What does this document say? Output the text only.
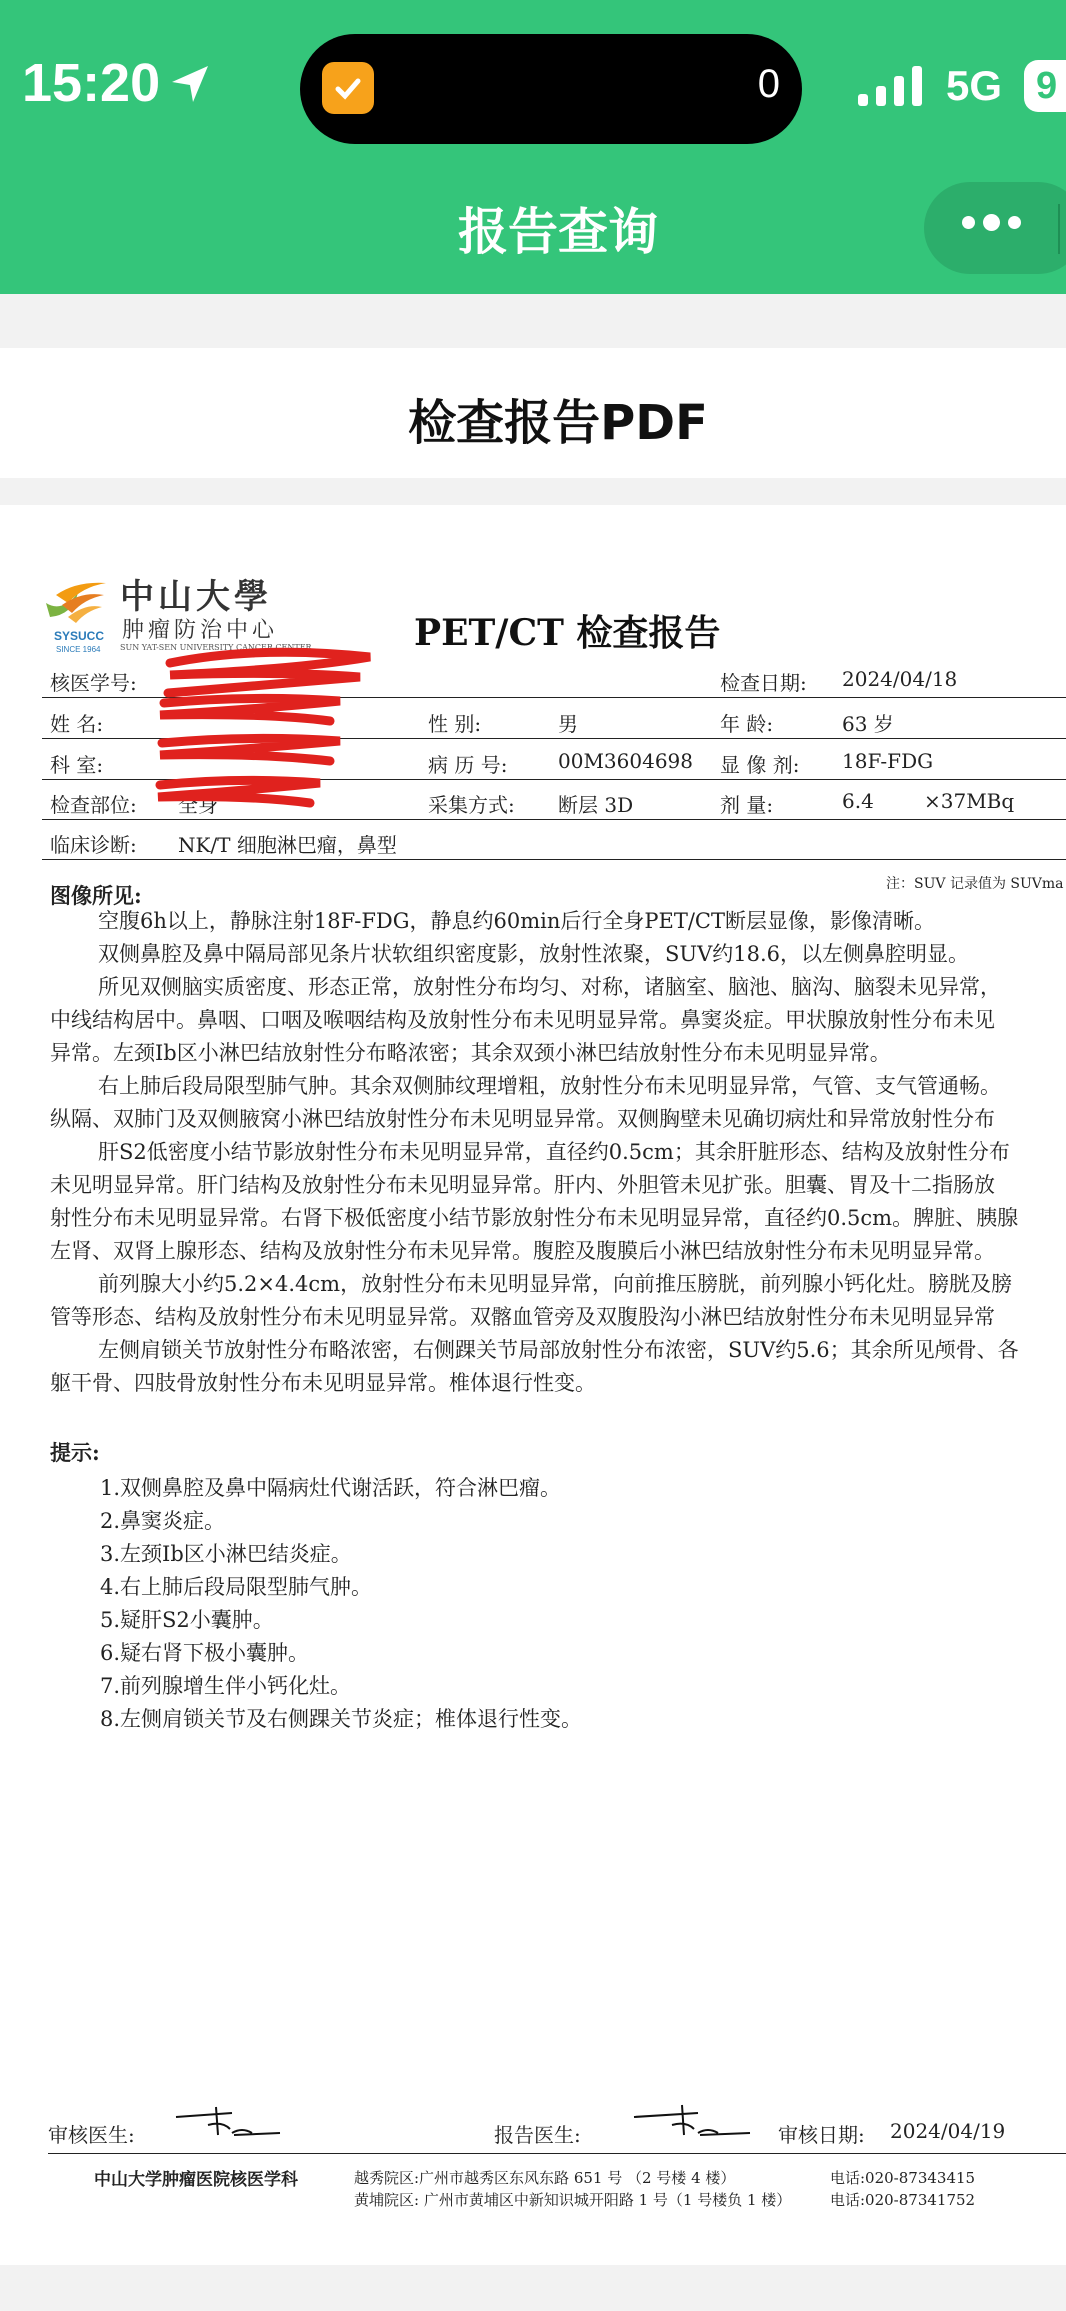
15:20	0	5G 9
报告查询
检查报告PDF
SYSUCC
SINCE 1964
中山大學
肿瘤防治中心
SUN YAT-SEN UNIVERSITY CANCER CENTER	PET/CT 检查报告
核医学号:	检查日期: 2024/04/18
姓 名:	性 别:	男	年 龄:	63 岁
科 室:	病 历 号:	00M3604698 显 像 剂: 18F-FDG
检查部位: 全身	采集方式: 断层 3D	剂 量:	6.4	×37MBq
临床诊断: NK/T 细胞淋巴瘤，鼻型
图像所见:	注：SUV 记录值为 SUVma
空腹6h以上，静脉注射18F-FDG，静息约60min后行全身PET/CT断层显像，影像清晰。
双侧鼻腔及鼻中隔局部见条片状软组织密度影，放射性浓聚，SUV约18.6，以左侧鼻腔明显。
所见双侧脑实质密度、形态正常，放射性分布均匀、对称，诸脑室、脑池、脑沟、脑裂未见异常，
中线结构居中。鼻咽、口咽及喉咽结构及放射性分布未见明显异常。鼻窦炎症。甲状腺放射性分布未见
异常。左颈Ib区小淋巴结放射性分布略浓密；其余双颈小淋巴结放射性分布未见明显异常。
右上肺后段局限型肺气肿。其余双侧肺纹理增粗，放射性分布未见明显异常，气管、支气管通畅。
纵隔、双肺门及双侧腋窝小淋巴结放射性分布未见明显异常。双侧胸壁未见确切病灶和异常放射性分布
肝S2低密度小结节影放射性分布未见明显异常，直径约0.5cm；其余肝脏形态、结构及放射性分布
未见明显异常。肝门结构及放射性分布未见明显异常。肝内、外胆管未见扩张。胆囊、胃及十二指肠放
射性分布未见明显异常。右肾下极低密度小结节影放射性分布未见明显异常，直径约0.5cm。脾脏、胰腺
左肾、双肾上腺形态、结构及放射性分布未见异常。腹腔及腹膜后小淋巴结放射性分布未见明显异常。
前列腺大小约5.2×4.4cm，放射性分布未见明显异常，向前推压膀胱，前列腺小钙化灶。膀胱及膀
管等形态、结构及放射性分布未见明显异常。双髂血管旁及双腹股沟小淋巴结放射性分布未见明显异常
左侧肩锁关节放射性分布略浓密，右侧踝关节局部放射性分布浓密，SUV约5.6；其余所见颅骨、各
躯干骨、四肢骨放射性分布未见明显异常。椎体退行性变。
提示:
1.双侧鼻腔及鼻中隔病灶代谢活跃，符合淋巴瘤。
2.鼻窦炎症。
3.左颈Ib区小淋巴结炎症。
4.右上肺后段局限型肺气肿。
5.疑肝S2小囊肿。
6.疑右肾下极小囊肿。
7.前列腺增生伴小钙化灶。
8.左侧肩锁关节及右侧踝关节炎症；椎体退行性变。
审核医生:	报告医生:	审核日期: 2024/04/19
中山大学肿瘤医院核医学科	越秀院区:广州市越秀区东风东路 651 号 （2 号楼 4 楼）
黄埔院区: 广州市黄埔区中新知识城开阳路 1 号（1 号楼负 1 楼）
电话:020-87343415
电话:020-87341752
